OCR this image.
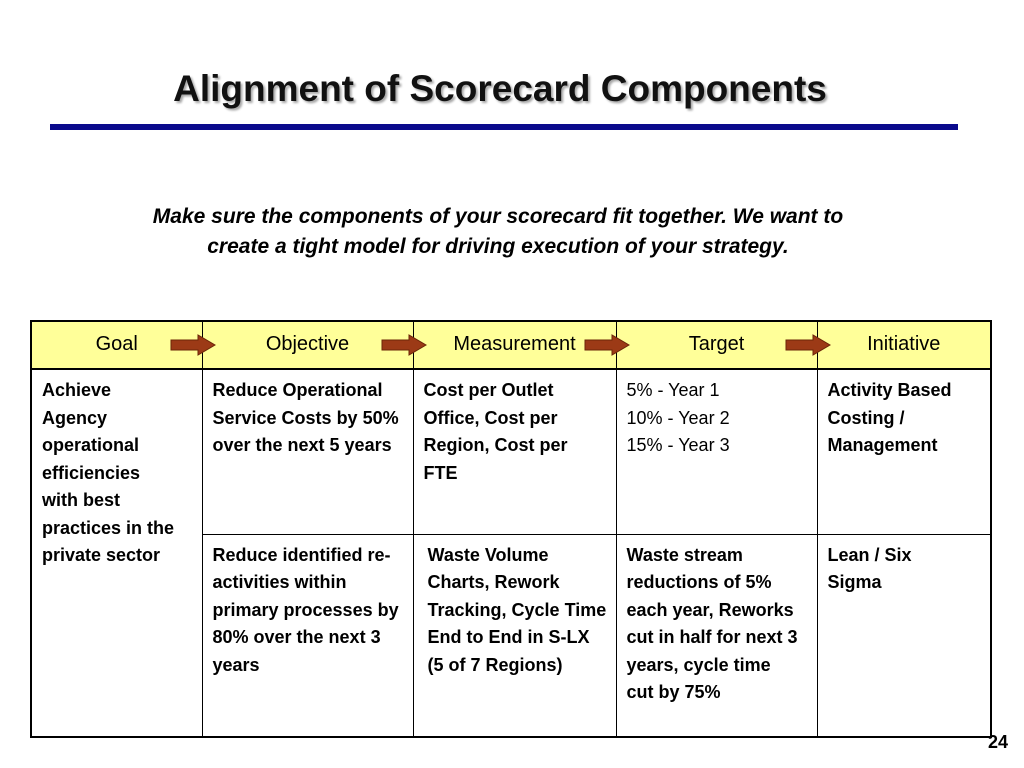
Alignment of Scorecard Components
Make sure the components of your scorecard fit together. We want to
create a tight model for driving execution of your strategy.
Goal	Objective	Measurement	Target	Initiative

Achieve Agency operational efficiencies with best practices in the private sector	Reduce Operational Service Costs by 50% over the next 5 years	Cost per Outlet Office, Cost per Region, Cost per FTE	5% - Year 1
10% - Year 2
15% - Year 3	Activity Based Costing / Management

	Reduce identified re-activities within primary processes by 80% over the next 3 years	Waste Volume Charts, Rework Tracking, Cycle Time End to End in S-LX (5 of 7 Regions)	Waste stream reductions of 5% each year, Reworks cut in half for next 3 years, cycle time cut by 75%	Lean / Six Sigma
24
